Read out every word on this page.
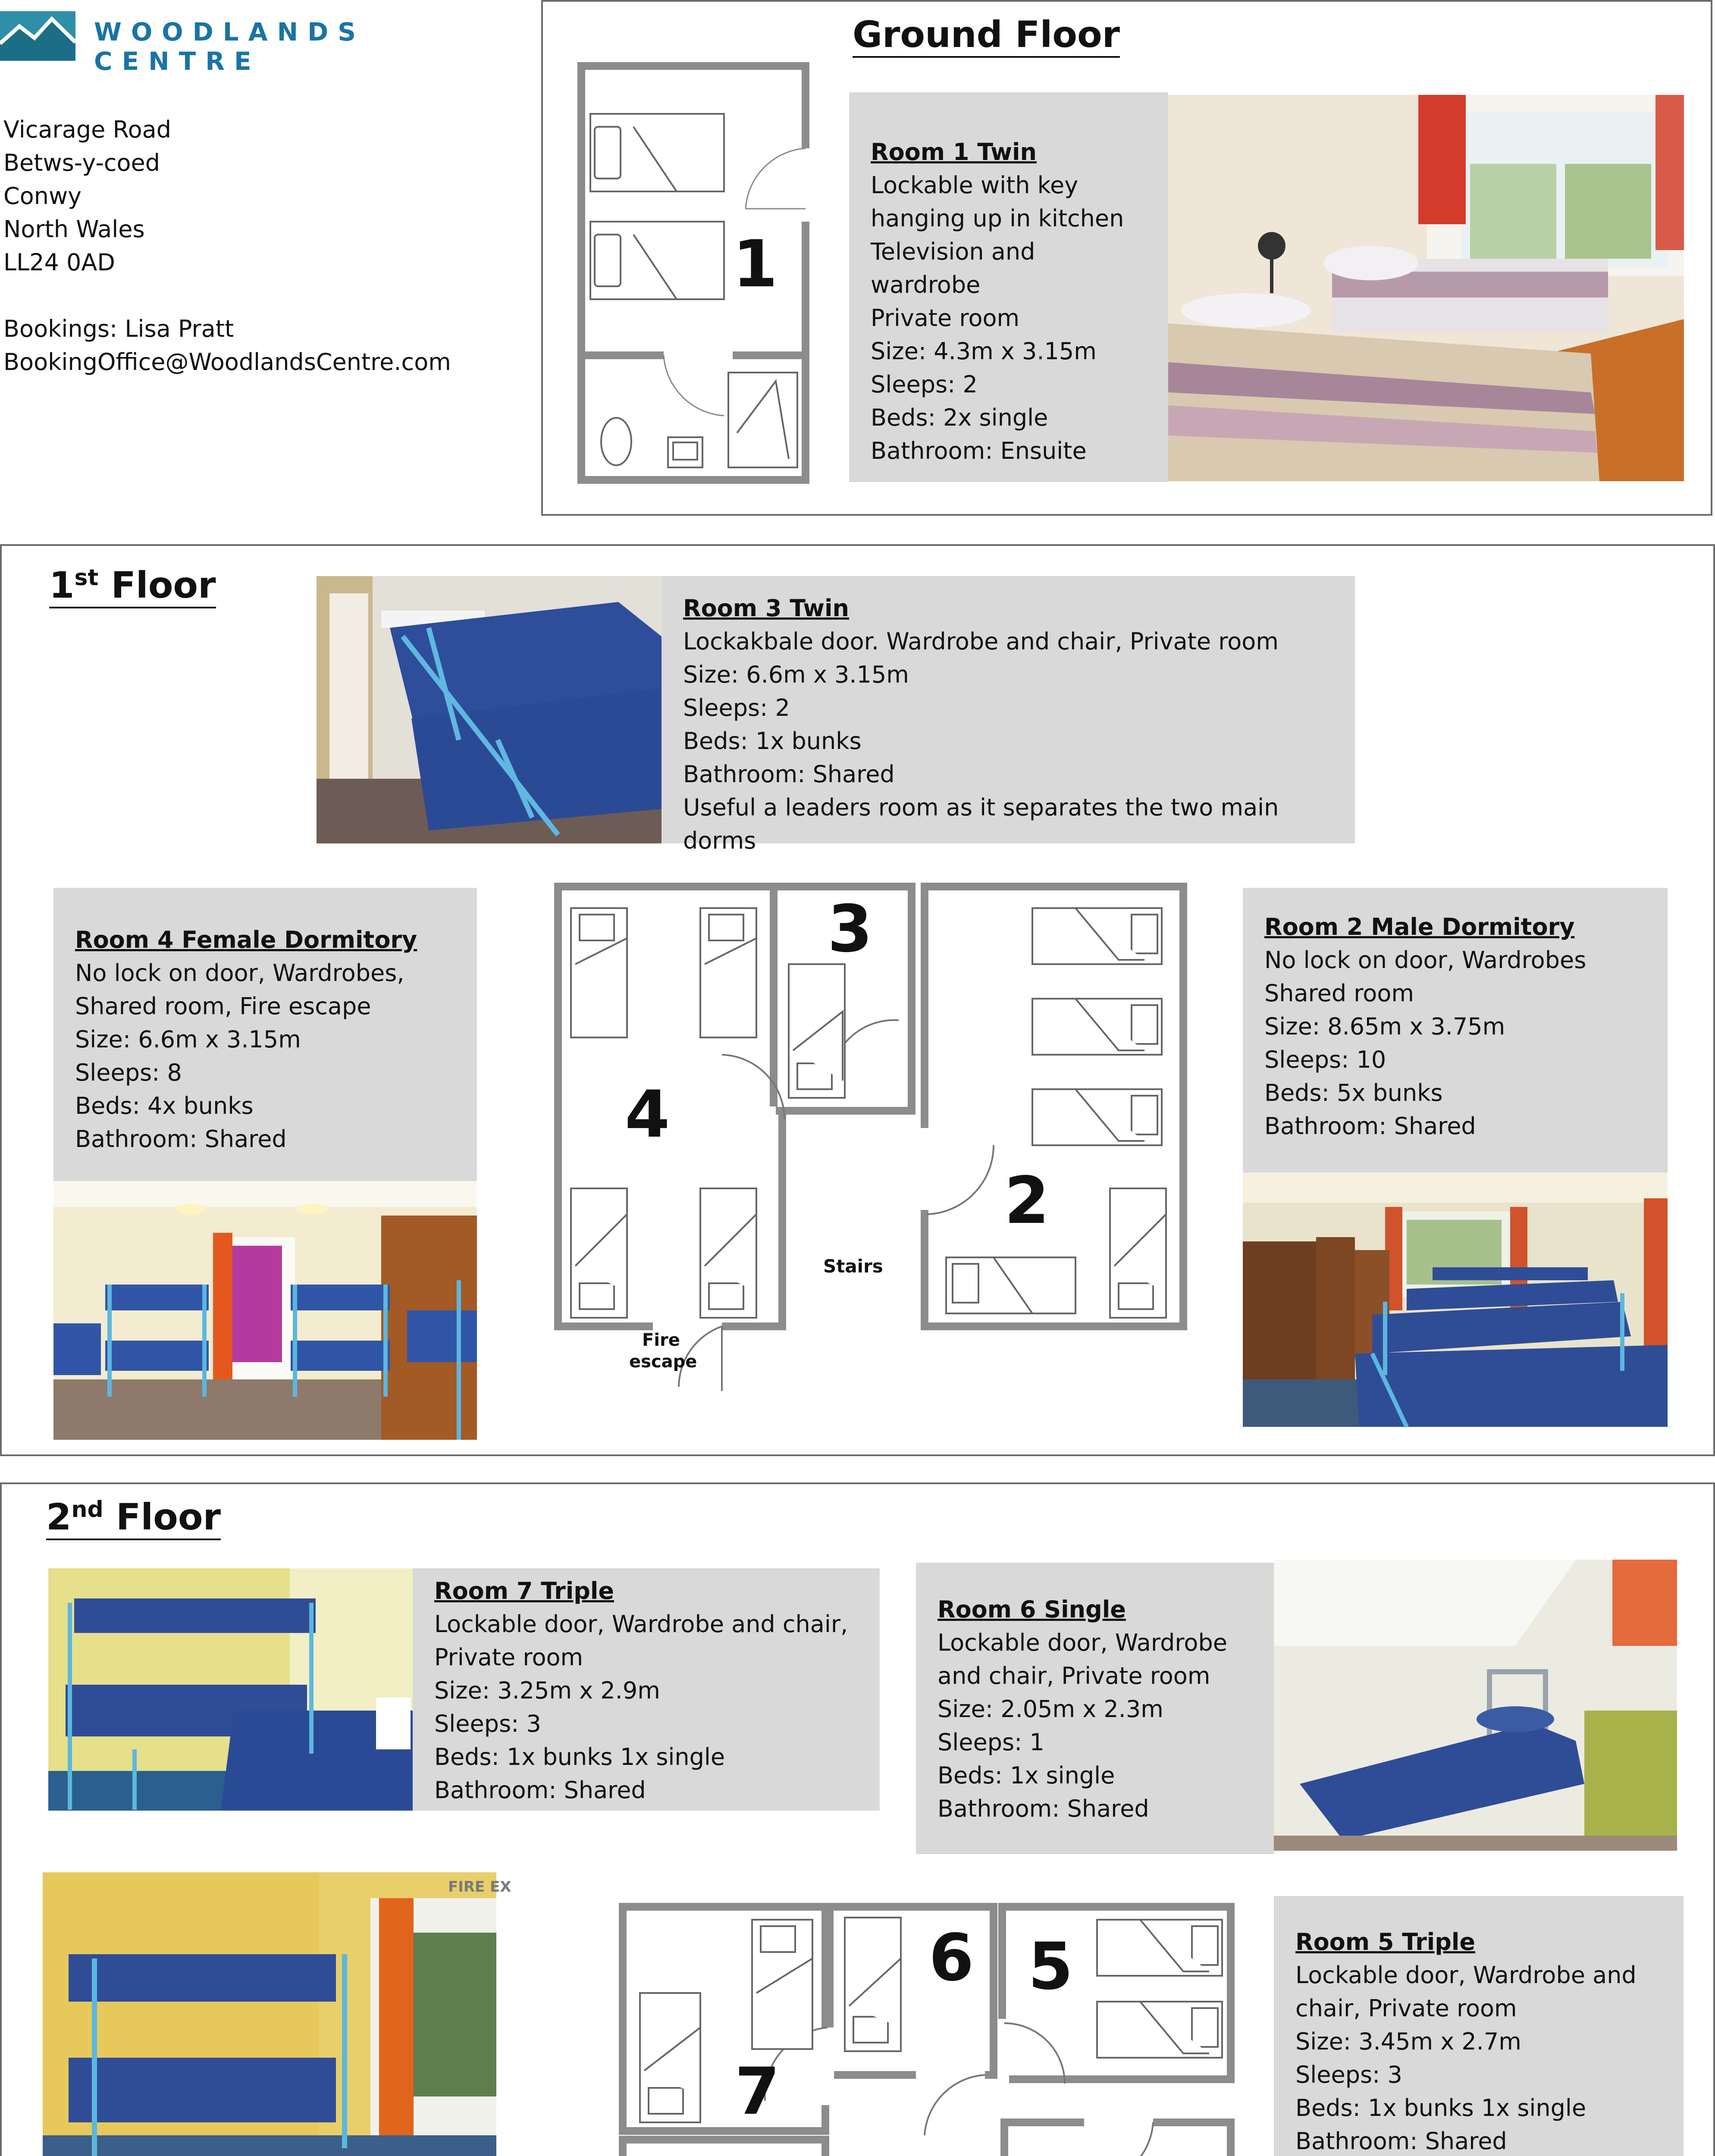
WOODLANDS CENTRE
Vicarage Road
Betws-y-coed
Conwy
North Wales
LL24 0AD
Bookings: Lisa Pratt
BookingOffice@WoodlandsCentre.com
Ground Floor
1
Room 1 Twin
Lockable with key
hanging up in kitchen
Television and wardrobe
Private room
Size: 4.3m x 3.15m
Sleeps: 2
Beds: 2x single
Bathroom: Ensuite
1st Floor
Room 3 Twin
Lockakbale door. Wardrobe and chair, Private room
Size: 6.6m x 3.15m
Sleeps: 2
Beds: 1x bunks
Bathroom: Shared
Useful a leaders room as it separates the two main dorms
Room 4 Female Dormitory
No lock on door, Wardrobes,
Shared room, Fire escape
Size: 6.6m x 3.15m
Sleeps: 8
Beds: 4x bunks
Bathroom: Shared	4
3
2
Stairs
Fire
escape
Room 2 Male Dormitory
No lock on door, Wardrobes
Shared room
Size: 8.65m x 3.75m
Sleeps: 10
Beds: 5x bunks
Bathroom: Shared
2nd Floor
Room 7 Triple
Lockable door, Wardrobe and chair,
Private room
Size: 3.25m x 2.9m
Sleeps: 3
Beds: 1x bunks 1x single
Bathroom: Shared
Room 6 Single
Lockable door, Wardrobe
and chair, Private room
Size: 2.05m x 2.3m
Sleeps: 1
Beds: 1x single
Bathroom: Shared
FIRE EX
7
6 5	Room 5 Triple
Lockable door, Wardrobe and
chair, Private room
Size: 3.45m x 2.7m
Sleeps: 3
Beds: 1x bunks 1x single
Bathroom: Shared
